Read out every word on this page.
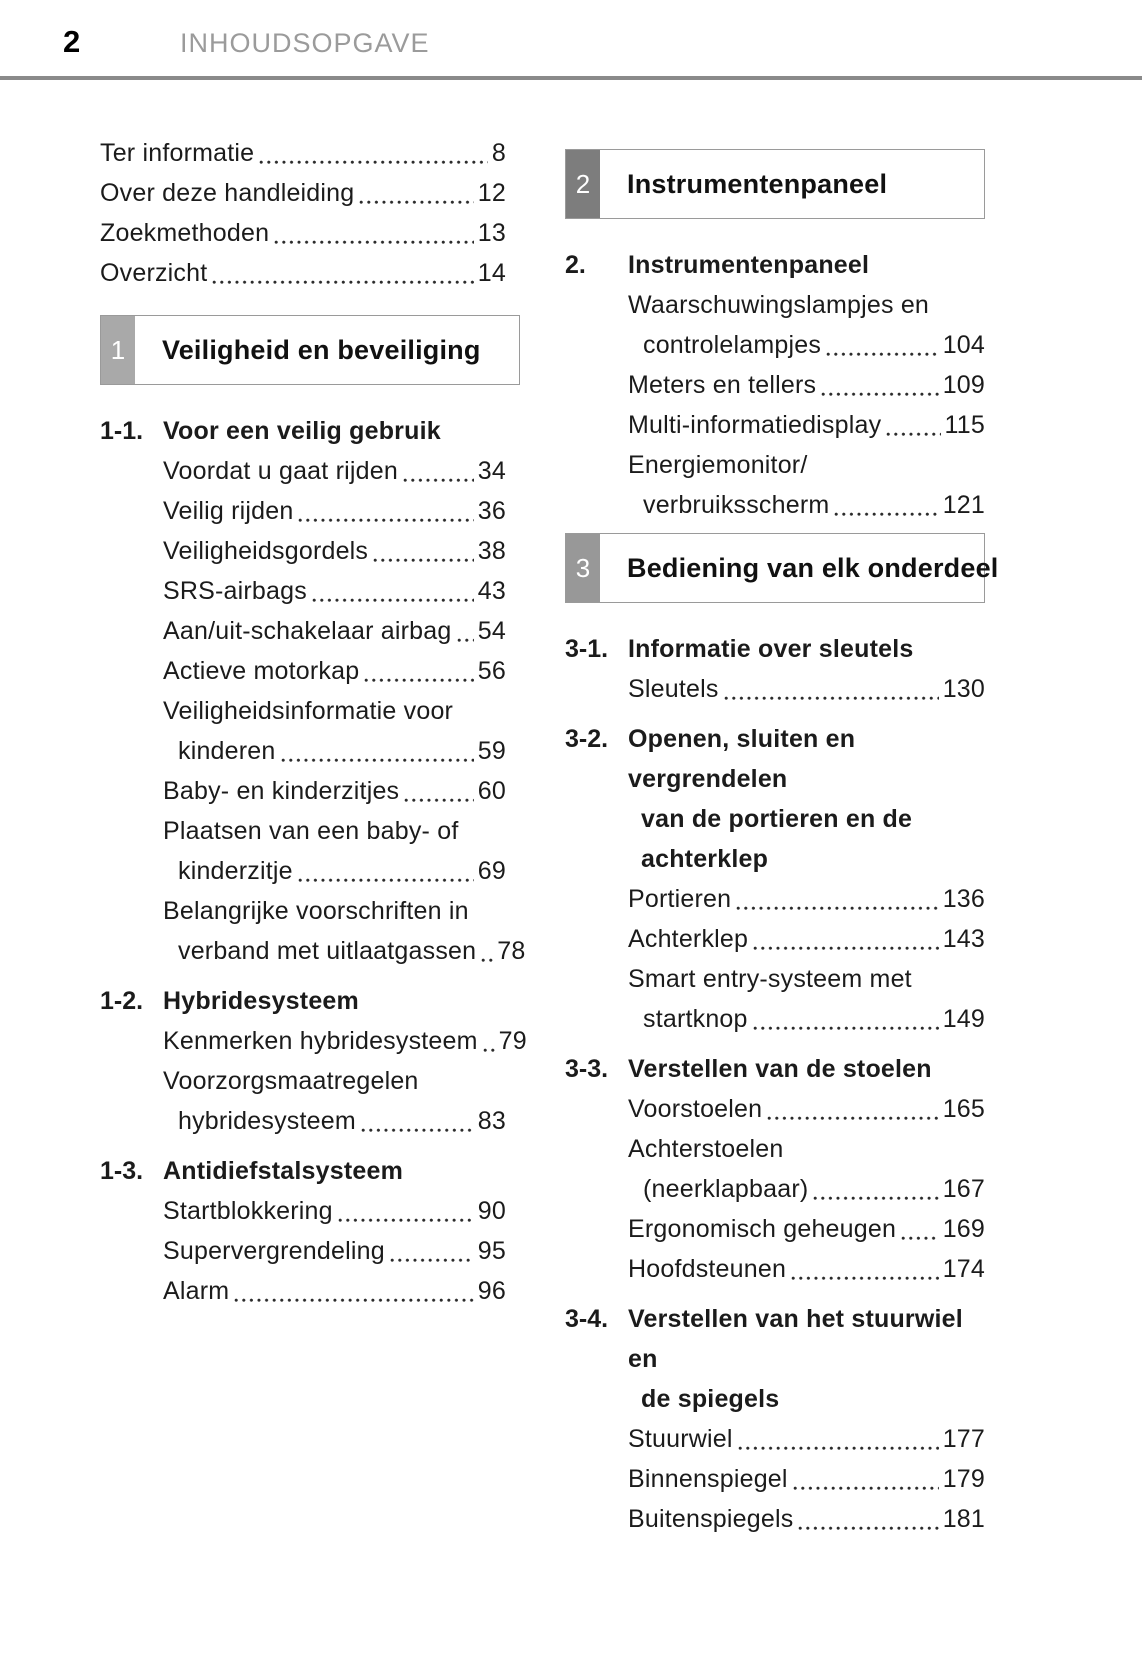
2	INHOUDSOPGAVE
Ter informatie	8
Over deze handleiding	12
Zoekmethoden	13
Overzicht	14
1	Veiligheid en beveiliging
1-1. Voor een veilig gebruik
Voordat u gaat rijden	34
Veilig rijden	36
Veiligheidsgordels	38
SRS-airbags	43
Aan/uit-schakelaar airbag 54
Actieve motorkap	56
Veiligheidsinformatie voor
kinderen	59
Baby- en kinderzitjes	60
Plaatsen van een baby- of
kinderzitje	69
Belangrijke voorschriften in
verband met uitlaatgassen 78
1-2. Hybridesysteem
Kenmerken hybridesysteem 79
Voorzorgsmaatregelen
hybridesysteem	83
1-3. Antidiefstalsysteem
Startblokkering	90
Supervergrendeling	95
Alarm	96
2	Instrumentenpaneel
2.	Instrumentenpaneel
Waarschuwingslampjes en
controlelampjes	104
Meters en tellers	109
Multi-informatiedisplay	115
Energiemonitor/
verbruiksscherm	121
3	Bediening van elk onderdeel
3-1. Informatie over sleutels
Sleutels	130
3-2. Openen, sluiten en vergrendelen
van de portieren en de
achterklep
Portieren	136
Achterklep	143
Smart entry-systeem met
startknop	149
3-3. Verstellen van de stoelen
Voorstoelen	165
Achterstoelen
(neerklapbaar)	167
Ergonomisch geheugen 169
Hoofdsteunen	174
3-4. Verstellen van het stuurwiel en
de spiegels
Stuurwiel	177
Binnenspiegel	179
Buitenspiegels	181
